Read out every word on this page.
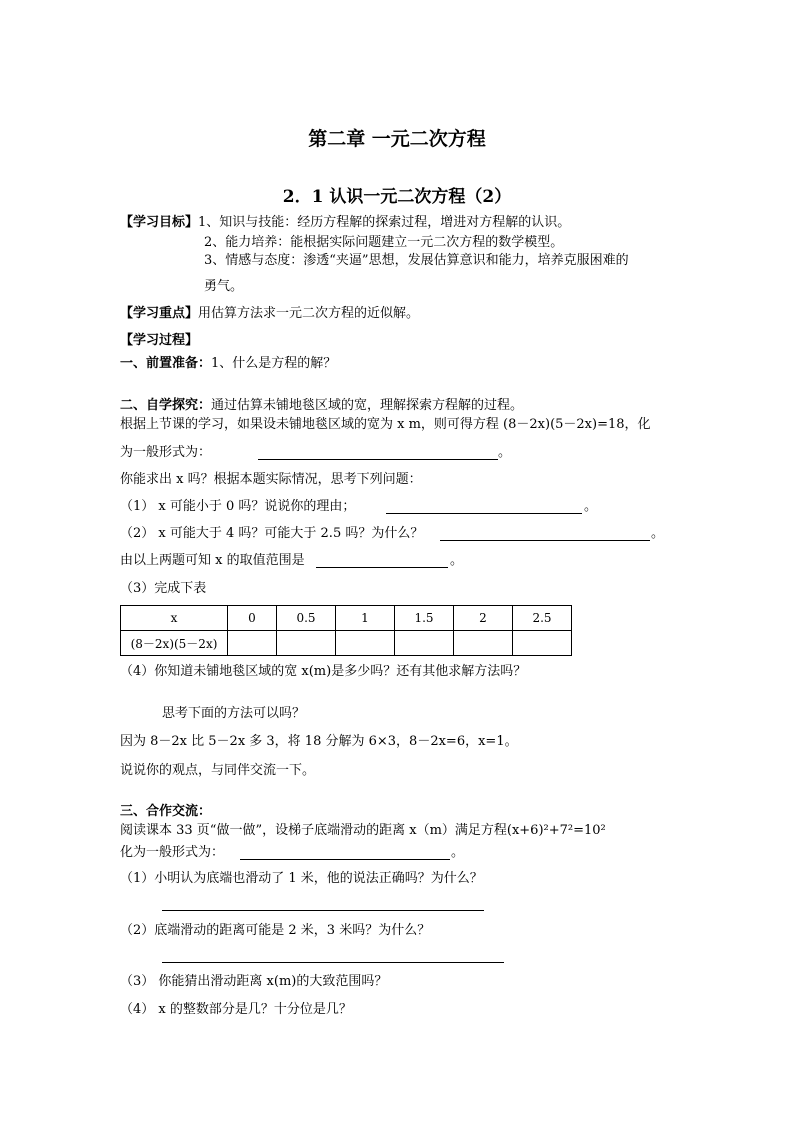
第二章 一元二次方程
2．1 认识一元二次方程（2）
【学习目标】1、知识与技能：经历方程解的探索过程，增进对方程解的认识。
2、能力培养：能根据实际问题建立一元二次方程的数学模型。
3、情感与态度：渗透“夹逼”思想，发展估算意识和能力，培养克服困难的
勇气。
【学习重点】用估算方法求一元二次方程的近似解。
【学习过程】
一、前置准备：1、什么是方程的解？
二、自学探究：通过估算未铺地毯区域的宽，理解探索方程解的过程。
根据上节课的学习，如果设未铺地毯区域的宽为 x m，则可得方程 (8－2x)(5－2x)=18，化
为一般形式为：	。
你能求出 x 吗？根据本题实际情况，思考下列问题：
（1） x 可能小于 0 吗？说说你的理由；	。
（2） x 可能大于 4 吗？可能大于 2.5 吗？为什么？	。
由以上两题可知 x 的取值范围是	。
（3）完成下表
x	0	0.5	1	1.5	2	2.5
(8－2x)(5－2x)						
（4）你知道未铺地毯区域的宽 x(m)是多少吗？还有其他求解方法吗？
思考下面的方法可以吗？
因为 8－2x 比 5－2x 多 3，将 18 分解为 6×3，8－2x=6，x=1。
说说你的观点，与同伴交流一下。
三、合作交流：
阅读课本 33 页“做一做”，设梯子底端滑动的距离 x（m）满足方程(x+6)²+7²=10²
化为一般形式为：	。
（1）小明认为底端也滑动了 1 米，他的说法正确吗？为什么？
（2）底端滑动的距离可能是 2 米，3 米吗？为什么？
（3） 你能猜出滑动距离 x(m)的大致范围吗？
（4） x 的整数部分是几？十分位是几？
